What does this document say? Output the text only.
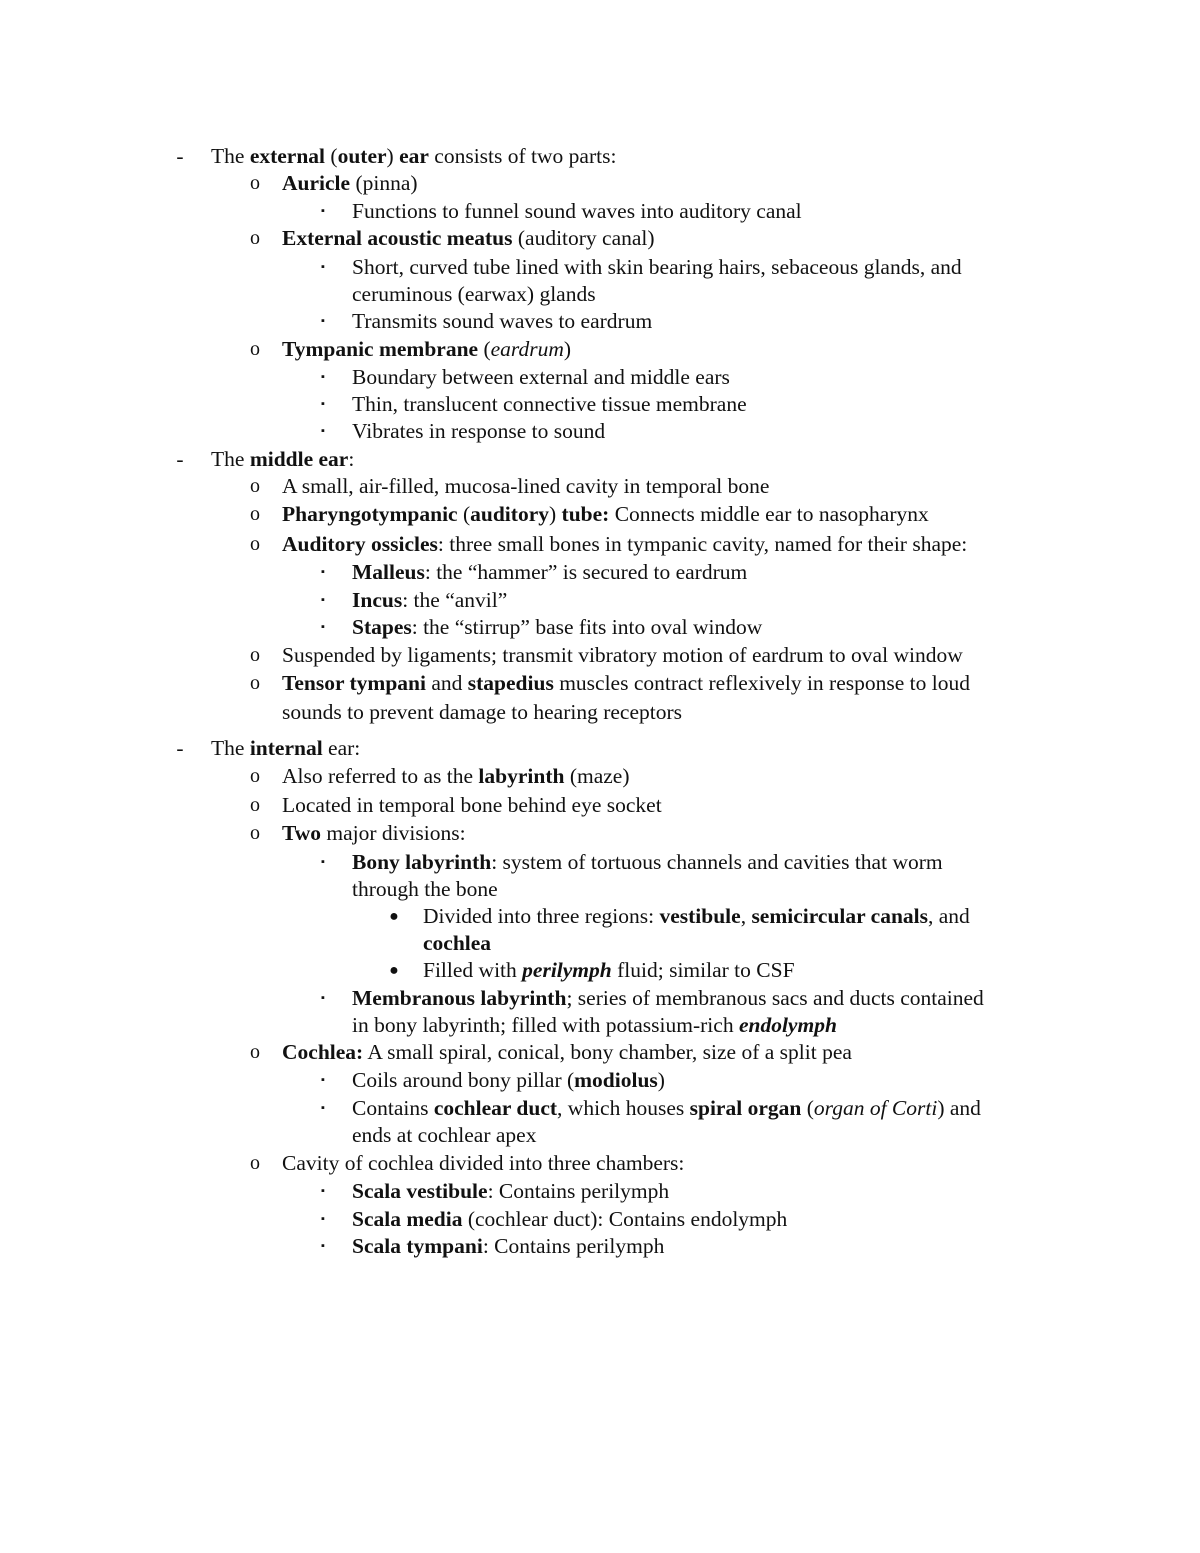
- The external (outer) ear consists of two parts:
o Auricle (pinna)
▪ Functions to funnel sound waves into auditory canal
o External acoustic meatus (auditory canal)
▪ Short, curved tube lined with skin bearing hairs, sebaceous glands, and
ceruminous (earwax) glands
▪ Transmits sound waves to eardrum
o Tympanic membrane (eardrum)
▪ Boundary between external and middle ears
▪ Thin, translucent connective tissue membrane
▪ Vibrates in response to sound
- The middle ear:
o A small, air-filled, mucosa-lined cavity in temporal bone
o Pharyngotympanic (auditory) tube: Connects middle ear to nasopharynx
o Auditory ossicles: three small bones in tympanic cavity, named for their shape:
▪ Malleus: the “hammer” is secured to eardrum
▪ Incus: the “anvil”
▪ Stapes: the “stirrup” base fits into oval window
o Suspended by ligaments; transmit vibratory motion of eardrum to oval window
o Tensor tympani and stapedius muscles contract reflexively in response to loud
sounds to prevent damage to hearing receptors
- The internal ear:
o Also referred to as the labyrinth (maze)
o Located in temporal bone behind eye socket
o Two major divisions:
▪ Bony labyrinth: system of tortuous channels and cavities that worm
through the bone
● Divided into three regions: vestibule, semicircular canals, and
cochlea
● Filled with perilymph fluid; similar to CSF
▪ Membranous labyrinth; series of membranous sacs and ducts contained
in bony labyrinth; filled with potassium-rich endolymph
o Cochlea: A small spiral, conical, bony chamber, size of a split pea
▪ Coils around bony pillar (modiolus)
▪ Contains cochlear duct, which houses spiral organ (organ of Corti) and
ends at cochlear apex
o Cavity of cochlea divided into three chambers:
▪ Scala vestibule: Contains perilymph
▪ Scala media (cochlear duct): Contains endolymph
▪ Scala tympani: Contains perilymph
